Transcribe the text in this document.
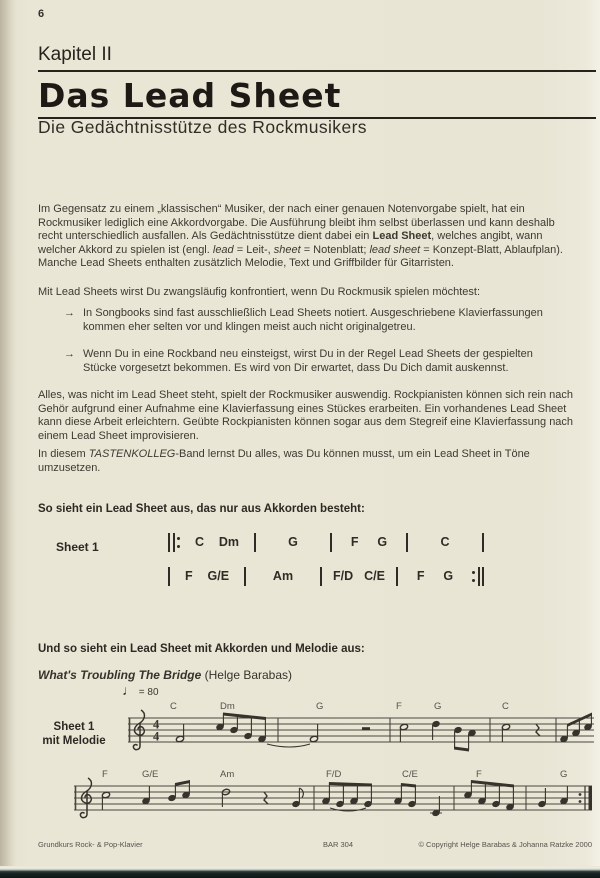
6
Kapitel II
Das Lead Sheet
Die Gedächtnisstütze des Rockmusikers
Im Gegensatz zu einem „klassischen“ Musiker, der nach einer genauen Notenvorgabe spielt, hat ein Rockmusiker lediglich eine Akkordvorgabe. Die Ausführung bleibt ihm selbst überlassen und kann deshalb recht unterschiedlich ausfallen. Als Gedächtnisstütze dient dabei ein Lead Sheet, welches angibt, wann welcher Akkord zu spielen ist (engl. lead = Leit-, sheet = Notenblatt; lead sheet = Konzept-Blatt, Ablaufplan). Manche Lead Sheets enthalten zusätzlich Melodie, Text und Griffbilder für Gitarristen.
Mit Lead Sheets wirst Du zwangsläufig konfrontiert, wenn Du Rockmusik spielen möchtest:
→ In Songbooks sind fast ausschließlich Lead Sheets notiert. Ausgeschriebene Klavierfassungen kommen eher selten vor und klingen meist auch nicht originalgetreu.
→ Wenn Du in eine Rockband neu einsteigst, wirst Du in der Regel Lead Sheets der gespielten Stücke vorgesetzt bekommen. Es wird von Dir erwartet, dass Du Dich damit auskennst.
Alles, was nicht im Lead Sheet steht, spielt der Rockmusiker auswendig. Rockpianisten können sich rein nach Gehör aufgrund einer Aufnahme eine Klavierfassung eines Stückes erarbeiten. Ein vorhandenes Lead Sheet kann diese Arbeit erleichtern. Geübte Rockpianisten können sogar aus dem Stegreif eine Klavierfassung nach einem Lead Sheet improvisieren.
In diesem TASTENKOLLEG-Band lernst Du alles, was Du können musst, um ein Lead Sheet in Töne umzusetzen.
So sieht ein Lead Sheet aus, das nur aus Akkorden besteht:
Sheet 1	C Dm	G	F G	C
F G/E	Am	F/D C/E	F G
Und so sieht ein Lead Sheet mit Akkorden und Melodie aus:
What's Troubling The Bridge (Helge Barabas)
♩ = 80
Sheet 1
mit Melodie
4
4
C	Dm	G	F	G	C
F	G/E	Am	F/D	C/E	F	G
Grundkurs Rock- & Pop-Klavier	BAR 304	© Copyright Helge Barabas & Johanna Ratzke 2000
